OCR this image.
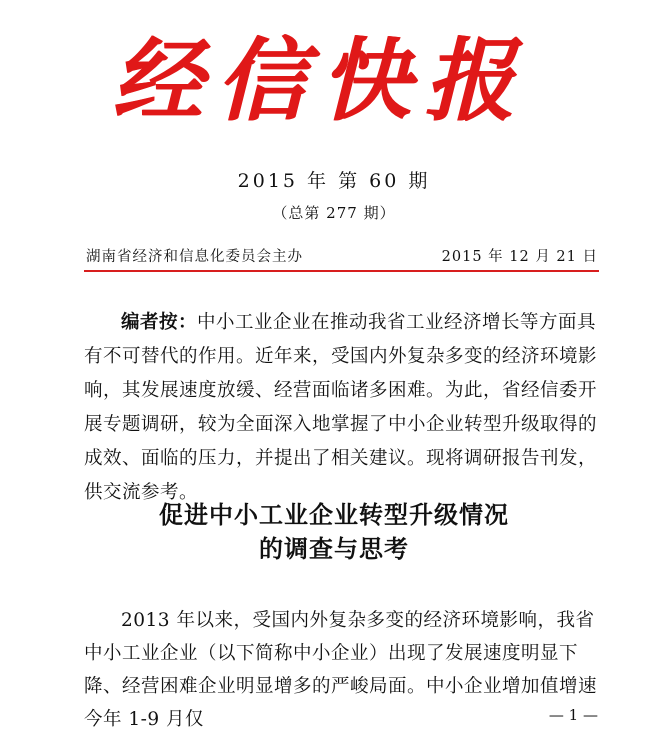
经信快报
2015 年 第 60 期
（总第 277 期）
湖南省经济和信息化委员会主办	2015 年 12 月 21 日
编者按：中小工业企业在推动我省工业经济增长等方面具有不可替代的作用。近年来，受国内外复杂多变的经济环境影响，其发展速度放缓、经营面临诸多困难。为此，省经信委开展专题调研，较为全面深入地掌握了中小企业转型升级取得的成效、面临的压力，并提出了相关建议。现将调研报告刊发，供交流参考。
促进中小工业企业转型升级情况
的调查与思考
2013 年以来，受国内外复杂多变的经济环境影响，我省中小工业企业（以下简称中小企业）出现了发展速度明显下降、经营困难企业明显增多的严峻局面。中小企业增加值增速今年 1-9 月仅	— 1 —
